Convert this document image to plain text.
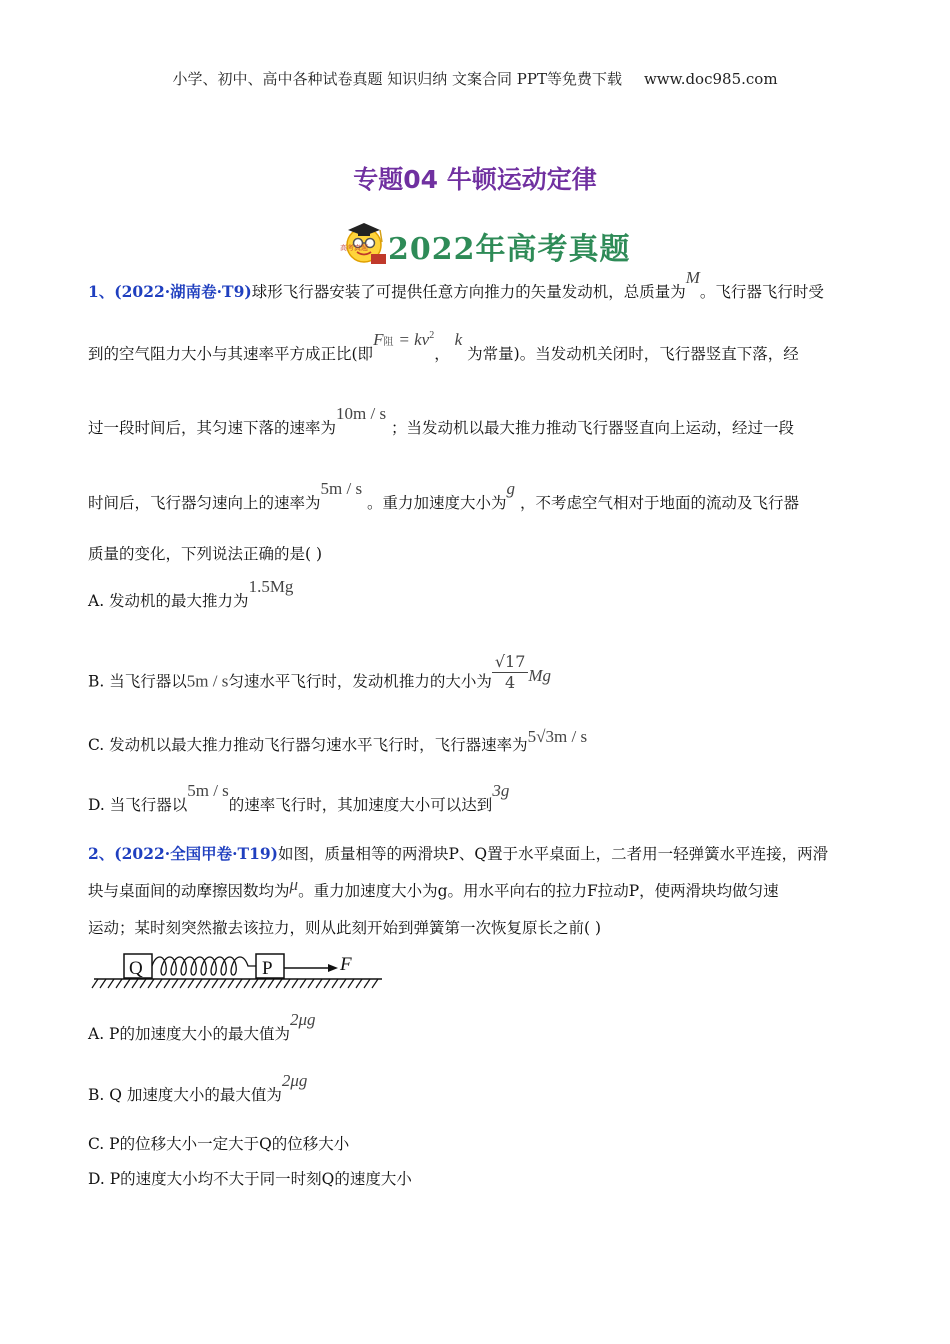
小学、初中、高中各种试卷真题 知识归纳 文案合同 PPT等免费下载 www.doc985.com
专题04 牛顿运动定律
高考真题 2022年高考真题
1、(2022·湖南卷·T9)球形飞行器安装了可提供任意方向推力的矢量发动机，总质量为M。飞行器飞行时受
到的空气阻力大小与其速率平方成正比(即F阻 = $kv^2$， k 为常量)。当发动机关闭时，飞行器竖直下落，经
过一段时间后，其匀速下落的速率为10m / s ；当发动机以最大推力推动飞行器竖直向上运动，经过一段
时间后，飞行器匀速向上的速率为5m / s 。重力加速度大小为g ，不考虑空气相对于地面的流动及飞行器
质量的变化，下列说法正确的是( )
A. 发动机的最大推力为1.5Mg
B. 当飞行器以5m / s匀速水平飞行时，发动机推力的大小为 $\frac{√17}{4}$ Mg
C. 发动机以最大推力推动飞行器匀速水平飞行时，飞行器速率为5√3m / s
D. 当飞行器以5m / s的速率飞行时，其加速度大小可以达到3g
2、(2022·全国甲卷·T19)如图，质量相等的两滑块P、Q置于水平桌面上，二者用一轻弹簧水平连接，两滑
块与桌面间的动摩擦因数均为μ。重力加速度大小为g。用水平向右的拉力F拉动P，使两滑块均做匀速
运动；某时刻突然撤去该拉力，则从此刻开始到弹簧第一次恢复原长之前( )
Q	P	F
A. P的加速度大小的最大值为2μg
B. Q 加速度大小的最大值为2μg
C. P的位移大小一定大于Q的位移大小
D. P的速度大小均不大于同一时刻Q的速度大小
